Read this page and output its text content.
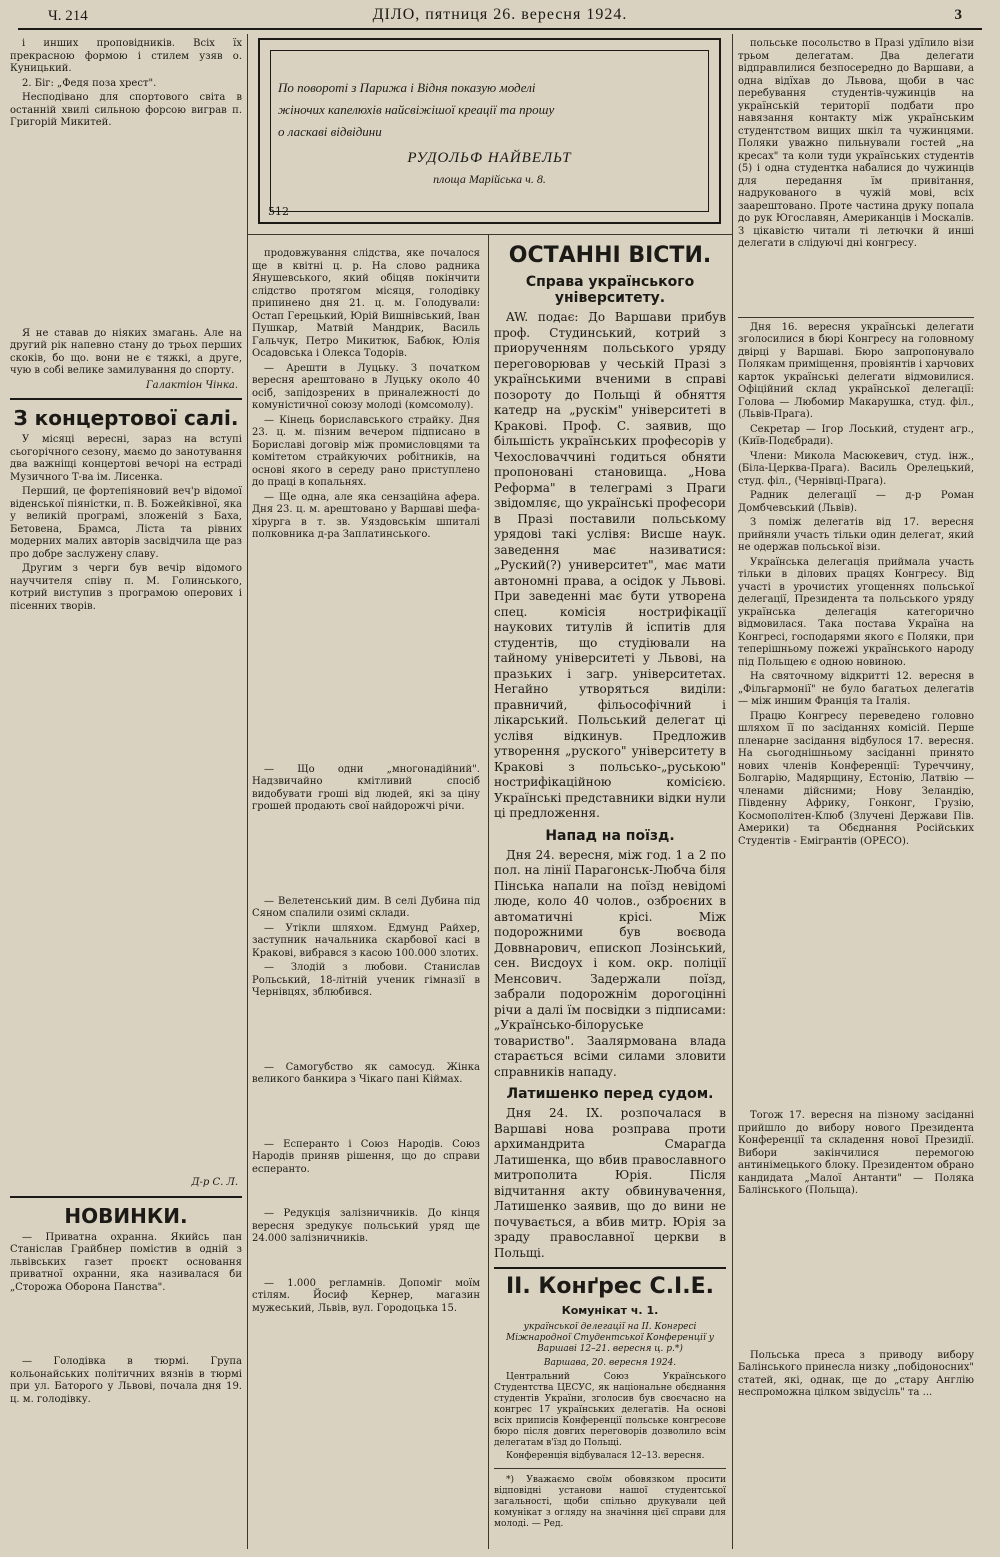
Ч. 214	ДІЛО, пятниця 26. вересня 1924.	3

і инших проповідників. Всіх їх прекрасною формою і стилем узяв о. Куницький.

2. Біг: „Федя поза хрест".

Несподівано для спортового світа в останній хвилі сильною форсою виграв п. Григорій Микитей.

Я не ставав до ніяких змагань. Але на другий рік напевно стану до трьох перших скоків, бо що. вони не є тяжкі, а друге, чую в собі велике замилування до спорту.

Галактіон Чінка.
З концертової салі.

У місяці вересні, зараз на вступі сьогорічного сезону, маємо до занотування два важніщі концертові вечорі на естраді Музичного Т-ва ім. Лисенка.

Перший, це фортепіяновий веч'р відомої віденської піяністки, п. В. Божейківної, яка у великій програмі, зложеній з Баха, Бетовена, Брамса, Ліста та рівних модерних малих авторів засвідчила ще раз про добре заслужену славу.

Другим з черги був вечір відомого науччителя співу п. М. Голинського, котрий виступив з програмою оперових і пісенних творів.

Д-р С. Л.
НОВИНКИ.

— Приватна охранна. Якийсь пан Станіслав Грайбнер помістив в одній з львівських газет проєкт основання приватної охранни, яка називалася би „Сторожа Оборона Панства".

— Голодівка в тюрмі. Група кольонайських політичних вязнів в тюрмі при ул. Баторого у Львові, почала дня 19. ц. м. голодівку.

По повороті з Парижа і Відня показую моделі
жіночих капелюхів найсвіжішої креації та прошу
о ласкаві відвідини
РУДОЛЬФ НАЙВЕЛЬТ
площа Марійська ч. 8.
512

продовжування слідства, яке почалося ще в квітні ц. р. На слово радника Янушевського, який обіцяв покінчити слідство протягом місяця, голодівку припинено дня 21. ц. м. Голодували: Остап Герецький, Юрій Вишнівський, Іван Пушкар, Матвій Мандрик, Василь Гальчук, Петро Микитюк, Бабюк, Юлія Осадовська і Олекса Тодорів.

— Арешти в Луцьку. З початком вересня арештовано в Луцьку около 40 осіб, запідозрених в приналежності до комуністичної союзу молоді (комсомолу).

— Кінець бориславського страйку. Дня 23. ц. м. пізним вечером підписано в Бориславі договір між промисловцями та комітетом страйкуючих робітників, на основі якого в середу рано приступлено до праці в копальнях.

— Ще одна, але яка сензаційна афера. Дня 23. ц. м. арештовано у Варшаві шефа-хірурга в т. зв. Уяздовськім шпиталі полковника д-ра Заплатинського.

— Що одни „многонадійний". Надзвичайно кмітливий спосіб видобувати гроші від людей, які за ціну грошей продають свої найдорожчі річи.

— Велетенський дим. В селі Дубина під Сяном спалили озимі склади.

— Утікли шляхом. Едмунд Райхер, заступник начальника скарбової касі в Кракові, вибрався з касою 100.000 злотих.

— Злодій з любови. Станислав Рольський, 18-літній ученик гімназії в Чернівцях, зблюбився.

— Самогубство як самосуд. Жінка великого банкира з Чікаго пані Кіймах.

— Есперанто і Союз Народів. Союз Народів приняв рішення, що до справи есперанто.

— Редукція залізничників. До кінця вересня зредукує польський уряд ще 24.000 залізничників.

— 1.000 регламнів. Допоміг моїм стілям. Йосиф Кернер, магазин мужеський, Львів, вул. Городоцька 15.

ОСТАННІ ВІСТИ.
Справа українського університету.

AW. подає: До Варшави прибув проф. Студинський, котрий з приорученням польського уряду переговорював у чеській Празі з українськими вченими в справі позороту до Польщі й обняття катедр на „рускім" університеті в Кракові. Проф. С. заявив, що більшість українських професорів у Чехословаччині годиться обняти пропоновані становища. „Нова Реформа" в телеграмі з Праги звідомляє, що українські професори в Празі поставили польському урядові такі услівя: Висше наук. заведення має називатися: „Руский(?) университет", має мати автономні права, а осідок у Львові. При заведенні має бути утворена спец. комісія нострифікації наукових титулів й іспитів для студентів, що студіювали на тайному університеті у Львові, на празьких і загр. університетах. Негайно утворяться виділи: правничий, фільософічний і лікарський. Польський делегат ці услівя відкинув. Предложив утворення „руского" університету в Кракові з польсько-„руською" нострифікаційною комісією. Українські представники відки нули ці предложення.

Напад на поїзд.

Дня 24. вересня, між год. 1 а 2 по пол. на лінії Парагонськ-Любча біля Пінська напали на поїзд невідомі люде, коло 40 чолов., озброєних в автоматичні крісі. Між подорожними був воєвода Доввнарович, епископ Лозінський, сен. Висдоух і ком. окр. поліції Менсович. Задержали поїзд, забрали подорожнім дорогоцінні річи а далі їм посвідки з підписами: „Українсько-білоруське товариство". Заалярмована влада старається всіми силами зловити справників нападу.

Латишенко перед судом.

Дня 24. IX. розпочалася в Варшаві нова розправа проти архимандрита Смарагда Латишенка, що вбив православного митрополита Юрія. Після відчитання акту обвинувачення, Латишенко заявив, що до вини не почувається, а вбив митр. Юрія за зраду православної церкви в Польщі.

II. Конґрес С.І.Е.
Комунікат ч. 1.
української делегації на II. Конгресі Міжнародної Студентської Конференції у Варшаві 12–21. вересня ц. р.*)
Варшава, 20. вересня 1924.

Центральний Союз Українського Студентства ЦЕСУС, як національне обєднання студентів України, зголосив був своєчасно на конгрес 17 українських делегатів. На основі всіх приписів Конференції польське конгресове бюро після довгих переговорів дозволило всім делегатам в'їзд до Польщі.

Конференція відбувалася 12–13. вересня.

*) Уважаємо своїм обовязком просити відповідні установи нашої студентської загальності, щоби спільно друкували цей комунікат з огляду на значіння цієї справи для молоді. — Ред.

польське посольство в Празі удїлило візи трьом делегатам. Два делегати відправлилися безпосередно до Варшави, а одна відїхав до Львова, щоби в час перебування студентів-чужинців на українській території подбати про навязання контакту між українським студентством вищих шкіл та чужинцями. Поляки уважно пильнували гостей „на кресах" та коли туди українських студентів (5) і одна студентка набалися до чужинців для передання їм привітання, надрукованого в чужій мові, всіх заарештовано. Проте частина друку попала до рук Югославян, Американців і Москалів. З цікавістю читали ті летючки й инші делегати в слідуючі дні конгресу.

Дня 16. вересня українські делегати зголосилися в бюрі Конгресу на головному двірці у Варшаві. Бюро запропонувало Полякам приміщення, провіянтів і харчових карток українські делегати відмовилися. Офіційний склад української делегації: Голова — Любомир Макарушка, студ. філ., (Львів-Прага).

Секретар — Ігор Лоський, студент агр., (Київ-Подєбради).

Члени: Микола Масюкевич, студ. інж., (Біла-Церква-Прага). Василь Орелецький, студ. філ., (Чернівці-Прага).

Радник делегації — д-р Роман Домбчевський (Львів).

З поміж делегатів від 17. вересня прийняли участь тільки один делегат, який не одержав польської візи.

Українська делегація приймала участь тільки в ділових працях Конгресу. Від участі в урочистих угощеннях польської делегації, Президента та польського уряду українська делегація категорично відмовилася. Така постава Україна на Конгресі, господарями якого є Поляки, при теперішньому пожежі українського народу під Польщею є одною новиною.

На святочному відкритті 12. вересня в „Фільгармонії" не було багатьох делегатів — між иншим Франція та Італія.

Працю Конгресу переведено головно шляхом її по засіданнях комісій. Перше пленарне засідання відбулося 17. вересня. На сьогоднішньому засіданні принято нових членів Конференції: Туреччину, Болгарію, Мадярщину, Естонію, Латвію — членами дійсними; Нову Зеландію, Південну Африку, Гонконг, Грузію, Космополітен-Клюб (Злучені Держави Пів. Америки) та Обєднання Російських Студентів - Емігрантів (ОРЕСО).

Тогож 17. вересня на пізному засіданні прийшло до вибору нового Президента Конференції та складення нової Президії. Вибори закінчилися перемогою антинімецького блоку. Президентом обрано кандидата „Малої Антанти" — Поляка Балінського (Польща).

Польська преса з приводу вибору Балінського принесла низку „побідоносних" статей, які, однак, ще до „стару Англію неспроможна цілком звідусіль" та ...
